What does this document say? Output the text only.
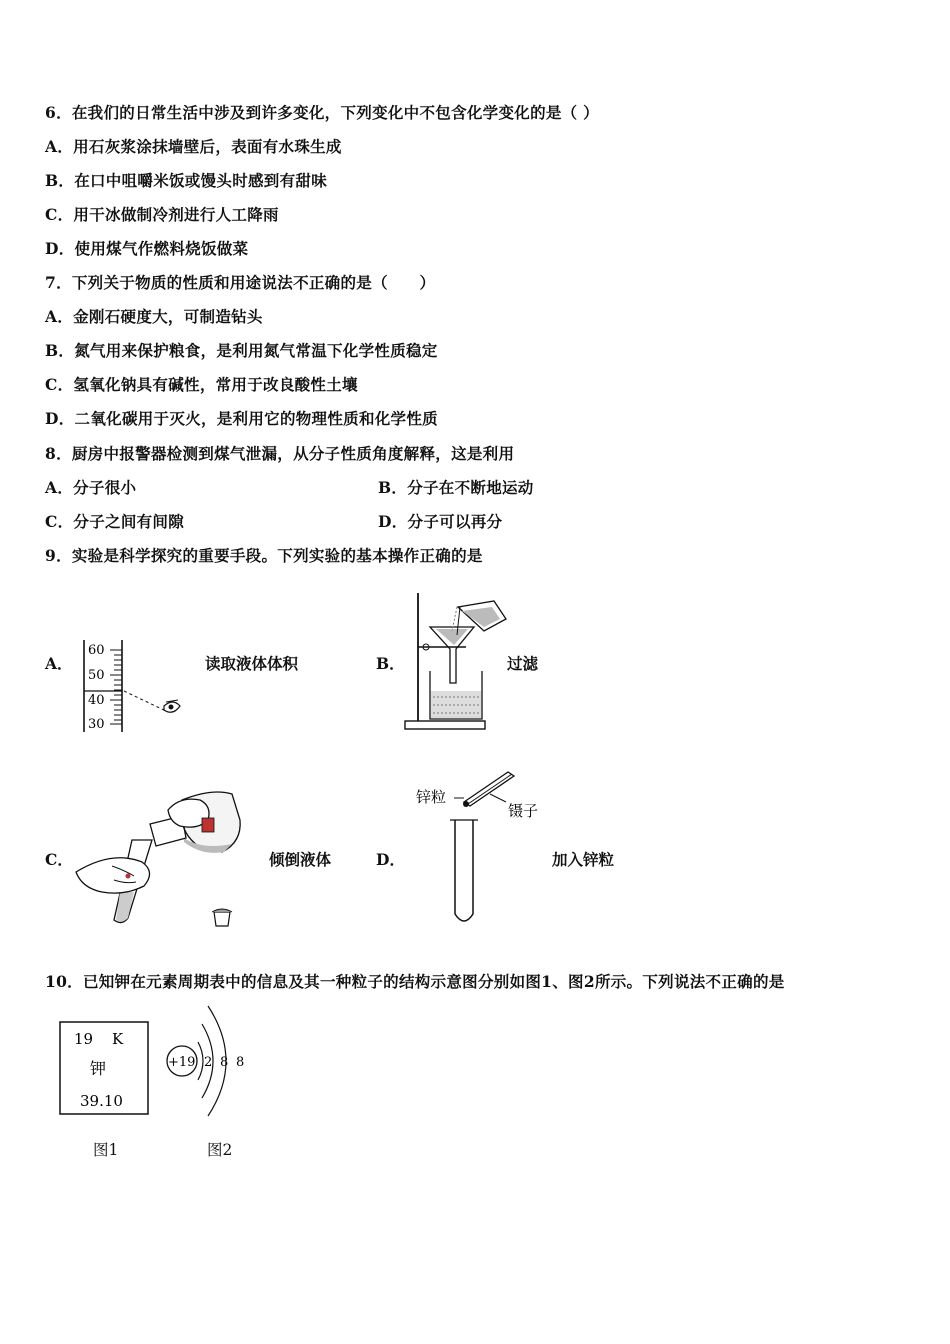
6．在我们的日常生活中涉及到许多变化，下列变化中不包含化学变化的是（ ）
A．用石灰浆涂抹墙壁后，表面有水珠生成
B．在口中咀嚼米饭或馒头时感到有甜味
C．用干冰做制冷剂进行人工降雨
D．使用煤气作燃料烧饭做菜
7．下列关于物质的性质和用途说法不正确的是（　　）
A．金刚石硬度大，可制造钻头
B．氮气用来保护粮食，是利用氮气常温下化学性质稳定
C．氢氧化钠具有碱性，常用于改良酸性土壤
D．二氧化碳用于灭火，是利用它的物理性质和化学性质
8．厨房中报警器检测到煤气泄漏，从分子性质角度解释，这是利用
A．分子很小	B．分子在不断地运动
C．分子之间有间隙	D．分子可以再分
9．实验是科学探究的重要手段。下列实验的基本操作正确的是
A．
60
50
40
30
读取液体体积	B．	过滤
C．	倾倒液体	D．
锌粒
镊子
加入锌粒
10．已知钾在元素周期表中的信息及其一种粒子的结构示意图分别如图1、图2所示。下列说法不正确的是
19 K
钾
39.10
+19 2 8 8
图1	图2
